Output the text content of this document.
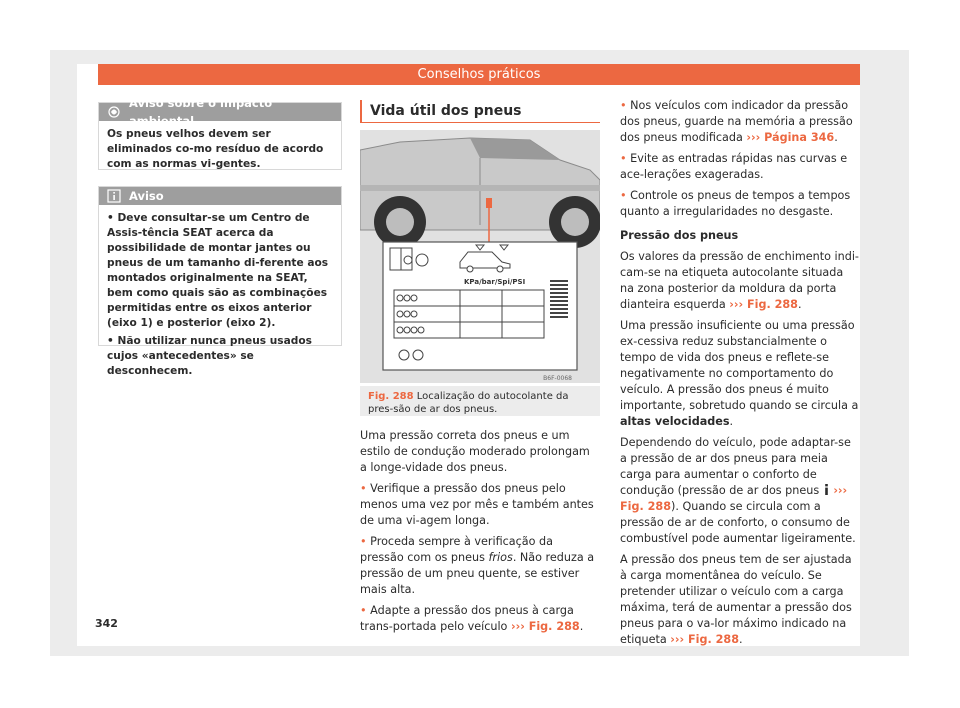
Conselhos práticos
Aviso sobre o impacto ambiental
Os pneus velhos devem ser eliminados co-mo resíduo de acordo com as normas vi-gentes.
Aviso

• Deve consultar-se um Centro de Assis-tência SEAT acerca da possibilidade de montar jantes ou pneus de um tamanho di-ferente aos montados originalmente na SEAT, bem como quais são as combinações permitidas entre os eixos anterior (eixo 1) e posterior (eixo 2).

• Não utilizar nunca pneus usados cujos «antecedentes» se desconhecem.

Vida útil dos pneus
KPa/bar/Spi/PSI
B6F-0068
Fig. 288 Localização do autocolante da pres-são de ar dos pneus.

Uma pressão correta dos pneus e um estilo de condução moderado prolongam a longe-vidade dos pneus.

• Verifique a pressão dos pneus pelo menos uma vez por mês e também antes de uma vi-agem longa.

• Proceda sempre à verificação da pressão com os pneus frios. Não reduza a pressão de um pneu quente, se estiver mais alta.

• Adapte a pressão dos pneus à carga trans-portada pelo veículo ››› Fig. 288.

• Nos veículos com indicador da pressão dos pneus, guarde na memória a pressão dos pneus modificada ››› Página 346.

• Evite as entradas rápidas nas curvas e ace-lerações exageradas.

• Controle os pneus de tempos a tempos quanto a irregularidades no desgaste.

Pressão dos pneus

Os valores da pressão de enchimento indi-cam-se na etiqueta autocolante situada na zona posterior da moldura da porta dianteira esquerda ››› Fig. 288.

Uma pressão insuficiente ou uma pressão ex-cessiva reduz substancialmente o tempo de vida dos pneus e reflete-se negativamente no comportamento do veículo. A pressão dos pneus é muito importante, sobretudo quando se circula a altas velocidades.

Dependendo do veículo, pode adaptar-se a pressão de ar dos pneus para meia carga para aumentar o conforto de condução (pressão de ar dos pneus  ››› Fig. 288). Quando se circula com a pressão de ar de conforto, o consumo de combustível pode aumentar ligeiramente.

A pressão dos pneus tem de ser ajustada à carga momentânea do veículo. Se pretender utilizar o veículo com a carga máxima, terá de aumentar a pressão dos pneus para o va-lor máximo indicado na etiqueta ››› Fig. 288.

342
